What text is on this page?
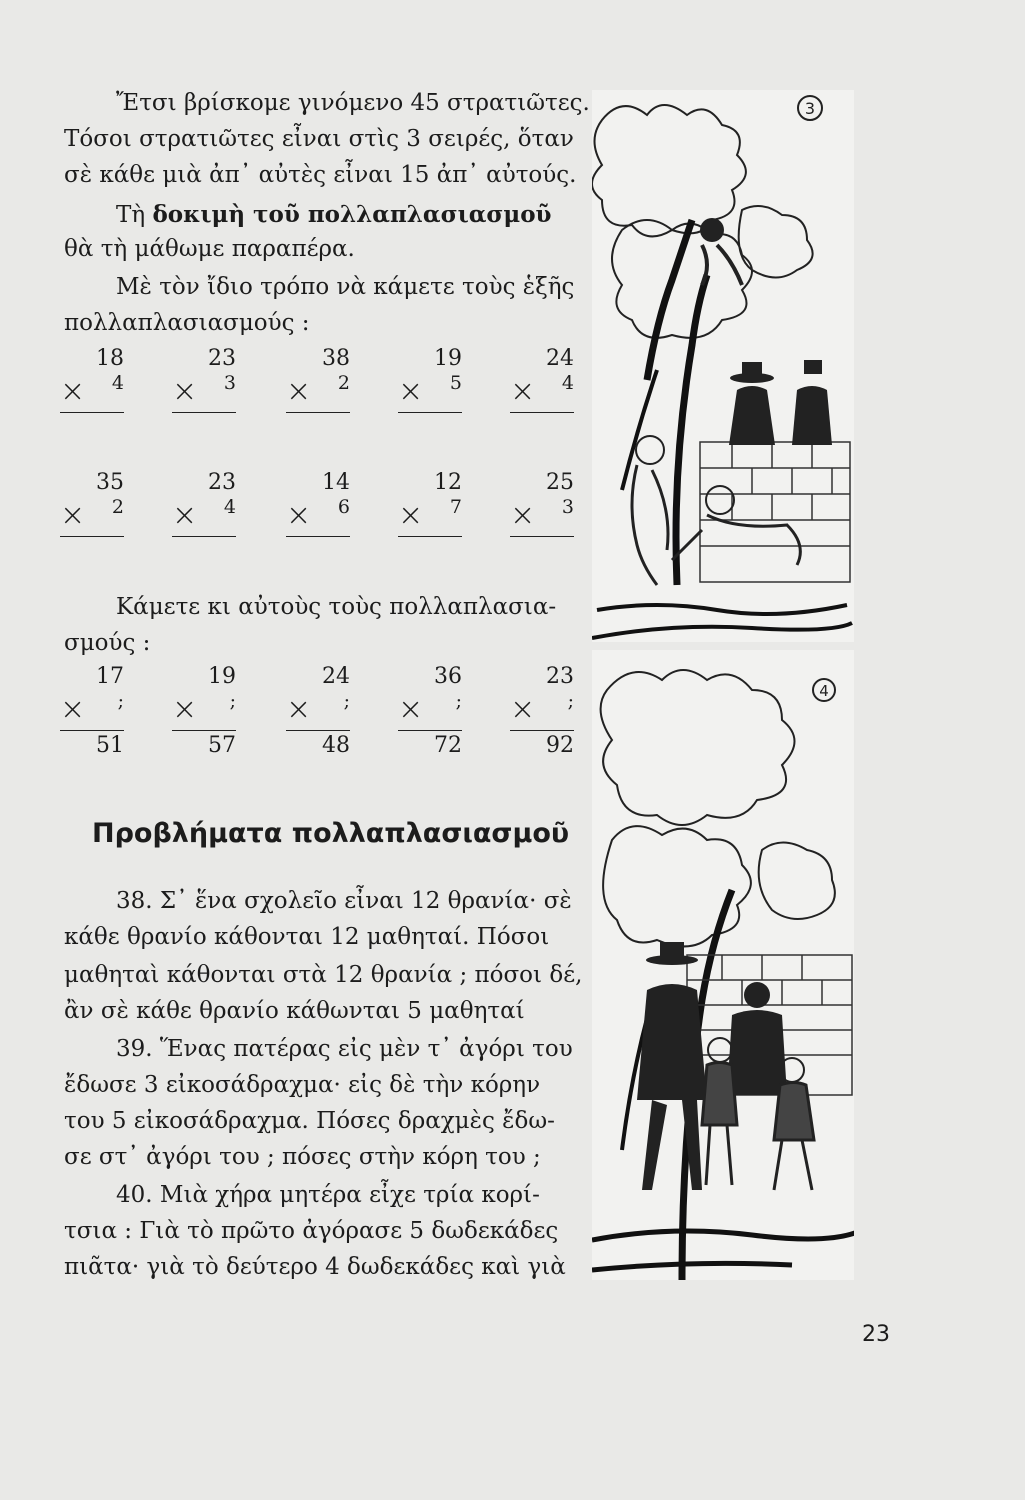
Ἔτσι βρίσκομε γινόμενο 45 στρατιῶτες.
Τόσοι στρατιῶτες εἶναι στὶς 3 σειρές, ὅταν
σὲ κάθε μιὰ ἀπ᾽ αὐτὲς εἶναι 15 ἀπ᾽ αὐτούς.
Τὴ δοκιμὴ τοῦ πολλαπλασιασμοῦ
θὰ τὴ μάθωμε παραπέρα.
Μὲ τὸν ἴδιο τρόπο νὰ κάμετε τοὺς ἑξῆς
πολλαπλασιασμούς :
18
× 4
23
× 3
38
× 2
19
× 5
24
× 4
35
× 2
23
× 4
14
× 6
12
× 7
25
× 3
Κάμετε κι αὐτοὺς τοὺς πολλαπλασια-
σμούς :
17
× ;
51
19
× ;
57
24
× ;
48
36
× ;
72
23
× ;
92
Προβλήματα πολλαπλασιασμοῦ
38. Σ᾽ ἕνα σχολεῖο εἶναι 12 θρανία· σὲ
κάθε θρανίο κάθονται 12 μαθηταί. Πόσοι
μαθηταὶ κάθονται στὰ 12 θρανία ; πόσοι δέ,
ἂν σὲ κάθε θρανίο κάθωνται 5 μαθηταί
39. Ἕνας πατέρας εἰς μὲν τ᾽ ἀγόρι του
ἔδωσε 3 εἰκοσάδραχμα· εἰς δὲ τὴν κόρην
του 5 εἰκοσάδραχμα. Πόσες δραχμὲς ἔδω-
σε στ᾽ ἀγόρι του ; πόσες στὴν κόρη του ;
40. Μιὰ χήρα μητέρα εἶχε τρία κορί-
τσια : Γιὰ τὸ πρῶτο ἀγόρασε 5 δωδεκάδες
πιᾶτα· γιὰ τὸ δεύτερο 4 δωδεκάδες καὶ γιὰ
3
4
23
